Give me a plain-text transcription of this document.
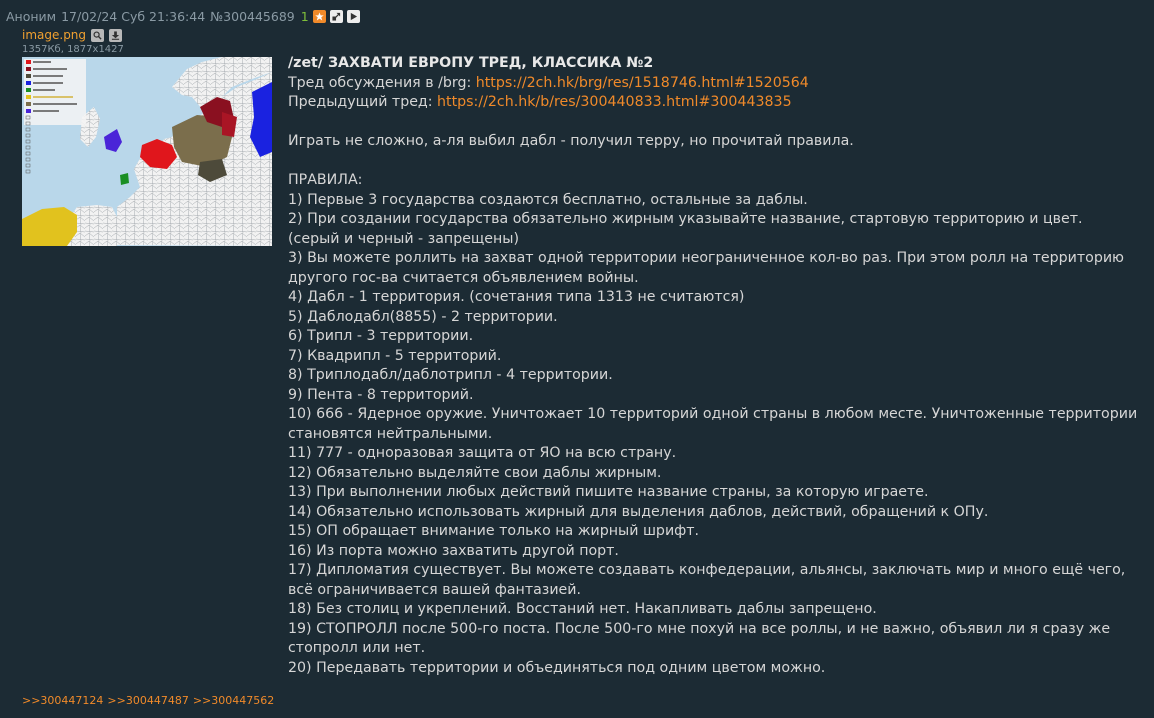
Аноним 17/02/24 Суб 21:36:44 №300445689 1
image.png
1357Кб, 1877x1427

/zet/ ЗАХВАТИ ЕВРОПУ ТРЕД, КЛАССИКА №2

Тред обсуждения в /brg: https://2ch.hk/brg/res/1518746.html#1520564

Предыдущий тред: https://2ch.hk/b/res/300440833.html#300443835

Играть не сложно, а-ля выбил дабл - получил терру, но прочитай правила.

ПРАВИЛА:

1) Первые 3 государства создаются бесплатно, остальные за даблы.

2) При создании государства обязательно жирным указывайте название, стартовую территорию и цвет. (серый и черный - запрещены)

3) Вы можете роллить на захват одной территории неограниченное кол-во раз. При этом ролл на территорию другого гос-ва считается объявлением войны.

4) Дабл - 1 территория. (сочетания типа 1313 не считаются)

5) Даблодабл(8855) - 2 территории.

6) Трипл - 3 территории.

7) Квадрипл - 5 территорий.

8) Триплодабл/даблотрипл - 4 территории.

9) Пента - 8 территорий.

10) 666 - Ядерное оружие. Уничтожает 10 территорий одной страны в любом месте. Уничтоженные территории становятся нейтральными.

11) 777 - одноразовая защита от ЯО на всю страну.

12) Обязательно выделяйте свои даблы жирным.

13) При выполнении любых действий пишите название страны, за которую играете.

14) Обязательно использовать жирный для выделения даблов, действий, обращений к ОПу.

15) ОП обращает внимание только на жирный шрифт.

16) Из порта можно захватить другой порт.

17) Дипломатия существует. Вы можете создавать конфедерации, альянсы, заключать мир и много ещё чего, всё ограничивается вашей фантазией.

18) Без столиц и укреплений. Восстаний нет. Накапливать даблы запрещено.

19) СТОПРОЛЛ после 500-го поста. После 500-го мне похуй на все роллы, и не важно, объявил ли я сразу же стопролл или нет.

20) Передавать территории и объединяться под одним цветом можно.

>>300447124 >>300447487 >>300447562
